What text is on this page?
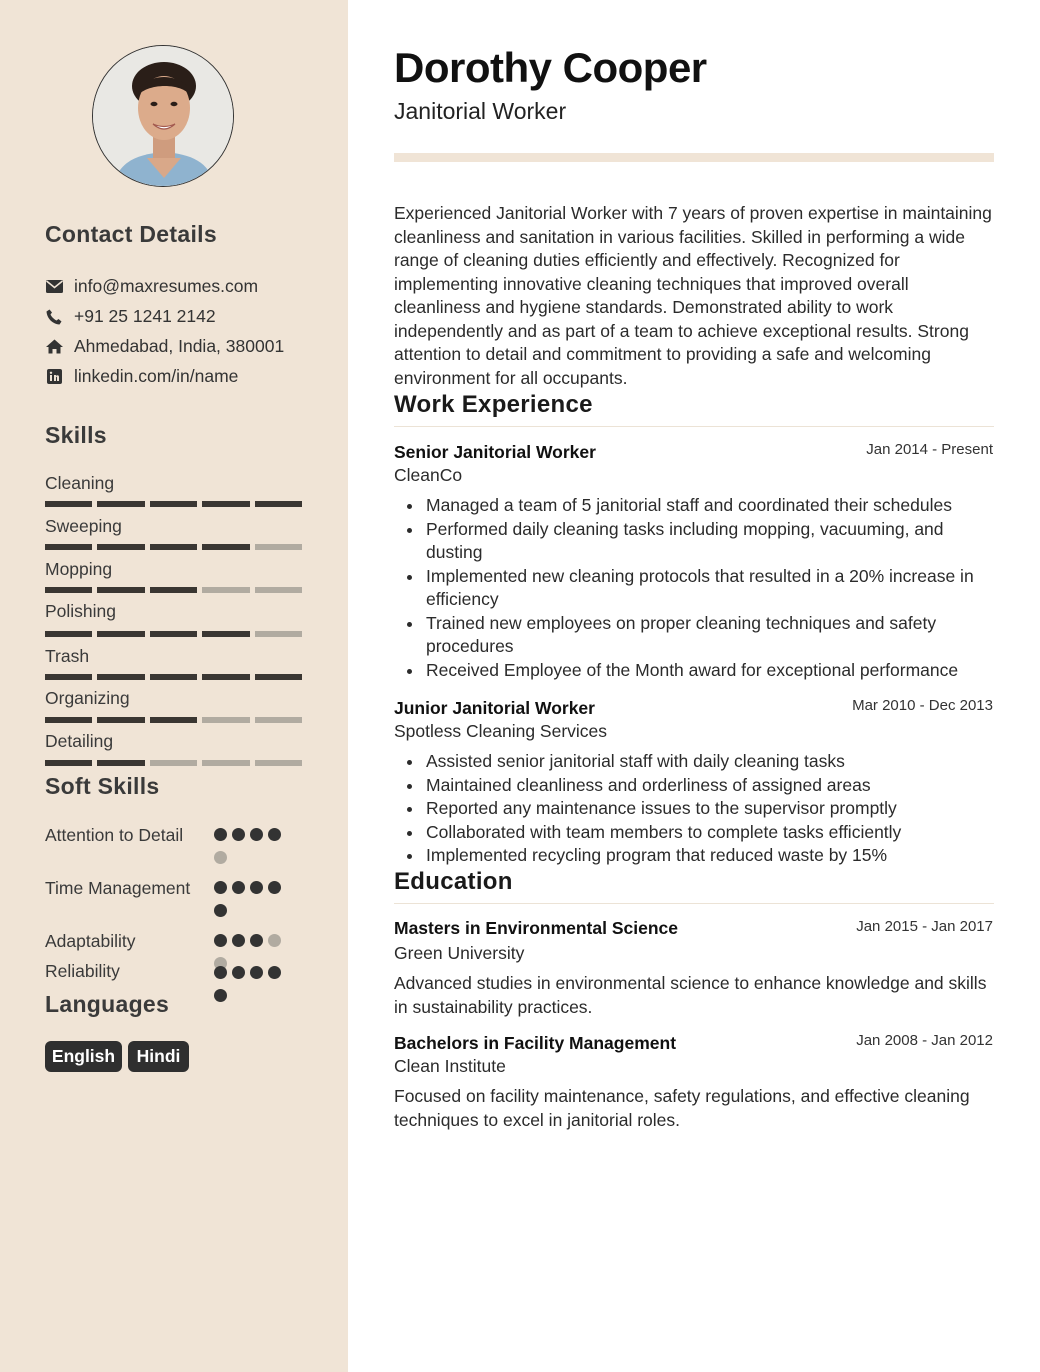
Contact Details
info@maxresumes.com
+91 25 1241 2142
Ahmedabad, India, 380001
linkedin.com/in/name
Skills
Cleaning
Sweeping
Mopping
Polishing
Trash
Organizing
Detailing
Soft Skills
Attention to Detail
Time Management
Adaptability
Reliability
Languages
English	Hindi
Dorothy Cooper
Janitorial Worker
Experienced Janitorial Worker with 7 years of proven expertise in maintaining cleanliness and sanitation in various facilities. Skilled in performing a wide range of cleaning duties efficiently and effectively. Recognized for implementing innovative cleaning techniques that improved overall cleanliness and hygiene standards. Demonstrated ability to work independently and as part of a team to achieve exceptional results. Strong attention to detail and commitment to providing a safe and welcoming environment for all occupants.
Work Experience
Senior Janitorial Worker	Jan 2014 - Present
CleanCo
Managed a team of 5 janitorial staff and coordinated their schedules
Performed daily cleaning tasks including mopping, vacuuming, and dusting
Implemented new cleaning protocols that resulted in a 20% increase in efficiency
Trained new employees on proper cleaning techniques and safety procedures
Received Employee of the Month award for exceptional performance
Junior Janitorial Worker	Mar 2010 - Dec 2013
Spotless Cleaning Services
Assisted senior janitorial staff with daily cleaning tasks
Maintained cleanliness and orderliness of assigned areas
Reported any maintenance issues to the supervisor promptly
Collaborated with team members to complete tasks efficiently
Implemented recycling program that reduced waste by 15%
Education
Masters in Environmental Science	Jan 2015 - Jan 2017
Green University
Advanced studies in environmental science to enhance knowledge and skills in sustainability practices.
Bachelors in Facility Management	Jan 2008 - Jan 2012
Clean Institute
Focused on facility maintenance, safety regulations, and effective cleaning techniques to excel in janitorial roles.
